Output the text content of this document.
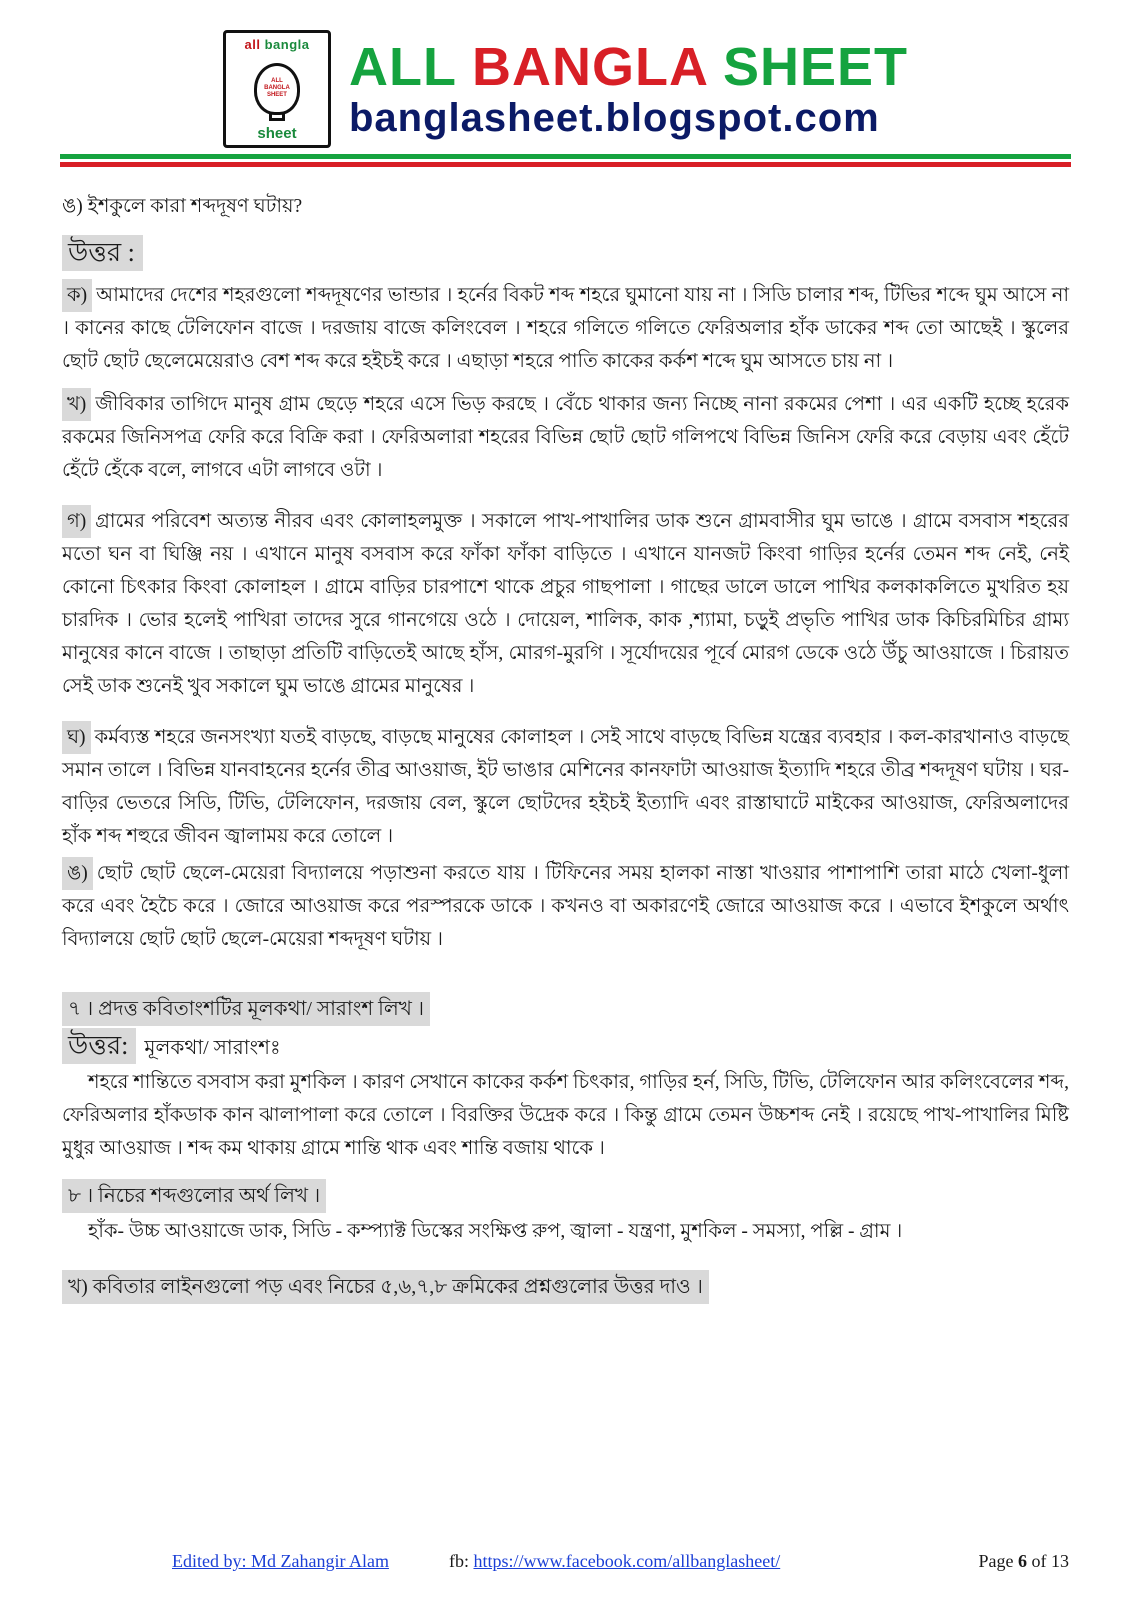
all bangla
ALL
BANGLA
SHEET
sheet
ALL BANGLA SHEET
banglasheet.blogspot.com
ঙ) ইশকুলে কারা শব্দদূষণ ঘটায়?
উত্তর :
ক) আমাদের দেশের শহরগুলো শব্দদূষণের ভান্ডার । হর্নের বিকট শব্দ শহরে ঘুমানো যায় না । সিডি চালার শব্দ, টিভির শব্দে ঘুম আসে না । কানের কাছে টেলিফোন বাজে । দরজায় বাজে কলিংবেল । শহরে গলিতে গলিতে ফেরিঅলার হাঁক ডাকের শব্দ তো আছেই । স্কুলের ছোট ছোট ছেলেমেয়েরাও বেশ শব্দ করে হইচই করে । এছাড়া শহরে পাতি কাকের কর্কশ শব্দে ঘুম আসতে চায় না ।
খ) জীবিকার তাগিদে মানুষ গ্রাম ছেড়ে শহরে এসে ভিড় করছে । বেঁচে থাকার জন্য নিচ্ছে নানা রকমের পেশা । এর একটি হচ্ছে হরেক রকমের জিনিসপত্র ফেরি করে বিক্রি করা । ফেরিঅলারা শহরের বিভিন্ন ছোট ছোট গলিপথে বিভিন্ন জিনিস ফেরি করে বেড়ায় এবং হেঁটে হেঁটে হেঁকে বলে, লাগবে এটা লাগবে ওটা ।
গ) গ্রামের পরিবেশ অত্যন্ত নীরব এবং কোলাহলমুক্ত । সকালে পাখ-পাখালির ডাক শুনে গ্রামবাসীর ঘুম ভাঙে । গ্রামে বসবাস শহরের মতো ঘন বা ঘিঞ্জি নয় । এখানে মানুষ বসবাস করে ফাঁকা ফাঁকা বাড়িতে । এখানে যানজট কিংবা গাড়ির হর্নের তেমন শব্দ নেই, নেই কোনো চিৎকার কিংবা কোলাহল । গ্রামে বাড়ির চারপাশে থাকে প্রচুর গাছপালা । গাছের ডালে ডালে পাখির কলকাকলিতে মুখরিত হয় চারদিক । ভোর হলেই পাখিরা তাদের সুরে গানগেয়ে ওঠে । দোয়েল, শালিক, কাক ,শ্যামা, চড়ুই প্রভৃতি পাখির ডাক কিচিরমিচির গ্রাম্য মানুষের কানে বাজে । তাছাড়া প্রতিটি বাড়িতেই আছে হাঁস, মোরগ-মুরগি । সূর্যোদয়ের পূর্বে মোরগ ডেকে ওঠে উঁচু আওয়াজে । চিরায়ত সেই ডাক শুনেই খুব সকালে ঘুম ভাঙে গ্রামের মানুষের ।
ঘ) কর্মব্যস্ত শহরে জনসংখ্যা যতই বাড়ছে, বাড়ছে মানুষের কোলাহল । সেই সাথে বাড়ছে বিভিন্ন যন্ত্রের ব্যবহার । কল-কারখানাও বাড়ছে সমান তালে । বিভিন্ন যানবাহনের হর্নের তীব্র আওয়াজ, ইট ভাঙার মেশিনের কানফাটা আওয়াজ ইত্যাদি শহরে তীব্র শব্দদূষণ ঘটায় । ঘর-বাড়ির ভেতরে সিডি, টিভি, টেলিফোন, দরজায় বেল, স্কুলে ছোটদের হইচই ইত্যাদি এবং রাস্তাঘাটে মাইকের আওয়াজ, ফেরিঅলাদের হাঁক শব্দ শহুরে জীবন জ্বালাময় করে তোলে ।
ঙ) ছোট ছোট ছেলে-মেয়েরা বিদ্যালয়ে পড়াশুনা করতে যায় । টিফিনের সময় হালকা নাস্তা খাওয়ার পাশাপাশি তারা মাঠে খেলা-ধুলা করে এবং হৈচৈ করে । জোরে আওয়াজ করে পরস্পরকে ডাকে । কখনও বা অকারণেই জোরে আওয়াজ করে । এভাবে ইশকুলে অর্থাৎ বিদ্যালয়ে ছোট ছোট ছেলে-মেয়েরা শব্দদূষণ ঘটায় ।
৭ । প্রদত্ত কবিতাংশটির মূলকথা/ সারাংশ লিখ ।
উত্তর: মূলকথা/ সারাংশঃ
শহরে শান্তিতে বসবাস করা মুশকিল । কারণ সেখানে কাকের কর্কশ চিৎকার, গাড়ির হর্ন, সিডি, টিভি, টেলিফোন আর কলিংবেলের শব্দ, ফেরিঅলার হাঁকডাক কান ঝালাপালা করে তোলে । বিরক্তির উদ্রেক করে । কিন্তু গ্রামে তেমন উচ্চশব্দ নেই । রয়েছে পাখ-পাখালির মিষ্টি মুধুর আওয়াজ । শব্দ কম থাকায় গ্রামে শান্তি থাক এবং শান্তি বজায় থাকে ।
৮ । নিচের শব্দগুলোর অর্থ লিখ ।
হাঁক- উচ্চ আওয়াজে ডাক, সিডি - কম্প্যাক্ট ডিস্কের সংক্ষিপ্ত রুপ, জ্বালা - যন্ত্রণা, মুশকিল - সমস্যা, পল্লি - গ্রাম ।
খ) কবিতার লাইনগুলো পড় এবং নিচের ৫,৬,৭,৮ ক্রমিকের প্রশ্নগুলোর উত্তর দাও ।
Edited by: Md Zahangir Alam	fb: https://www.facebook.com/allbanglasheet/	Page 6 of 13
